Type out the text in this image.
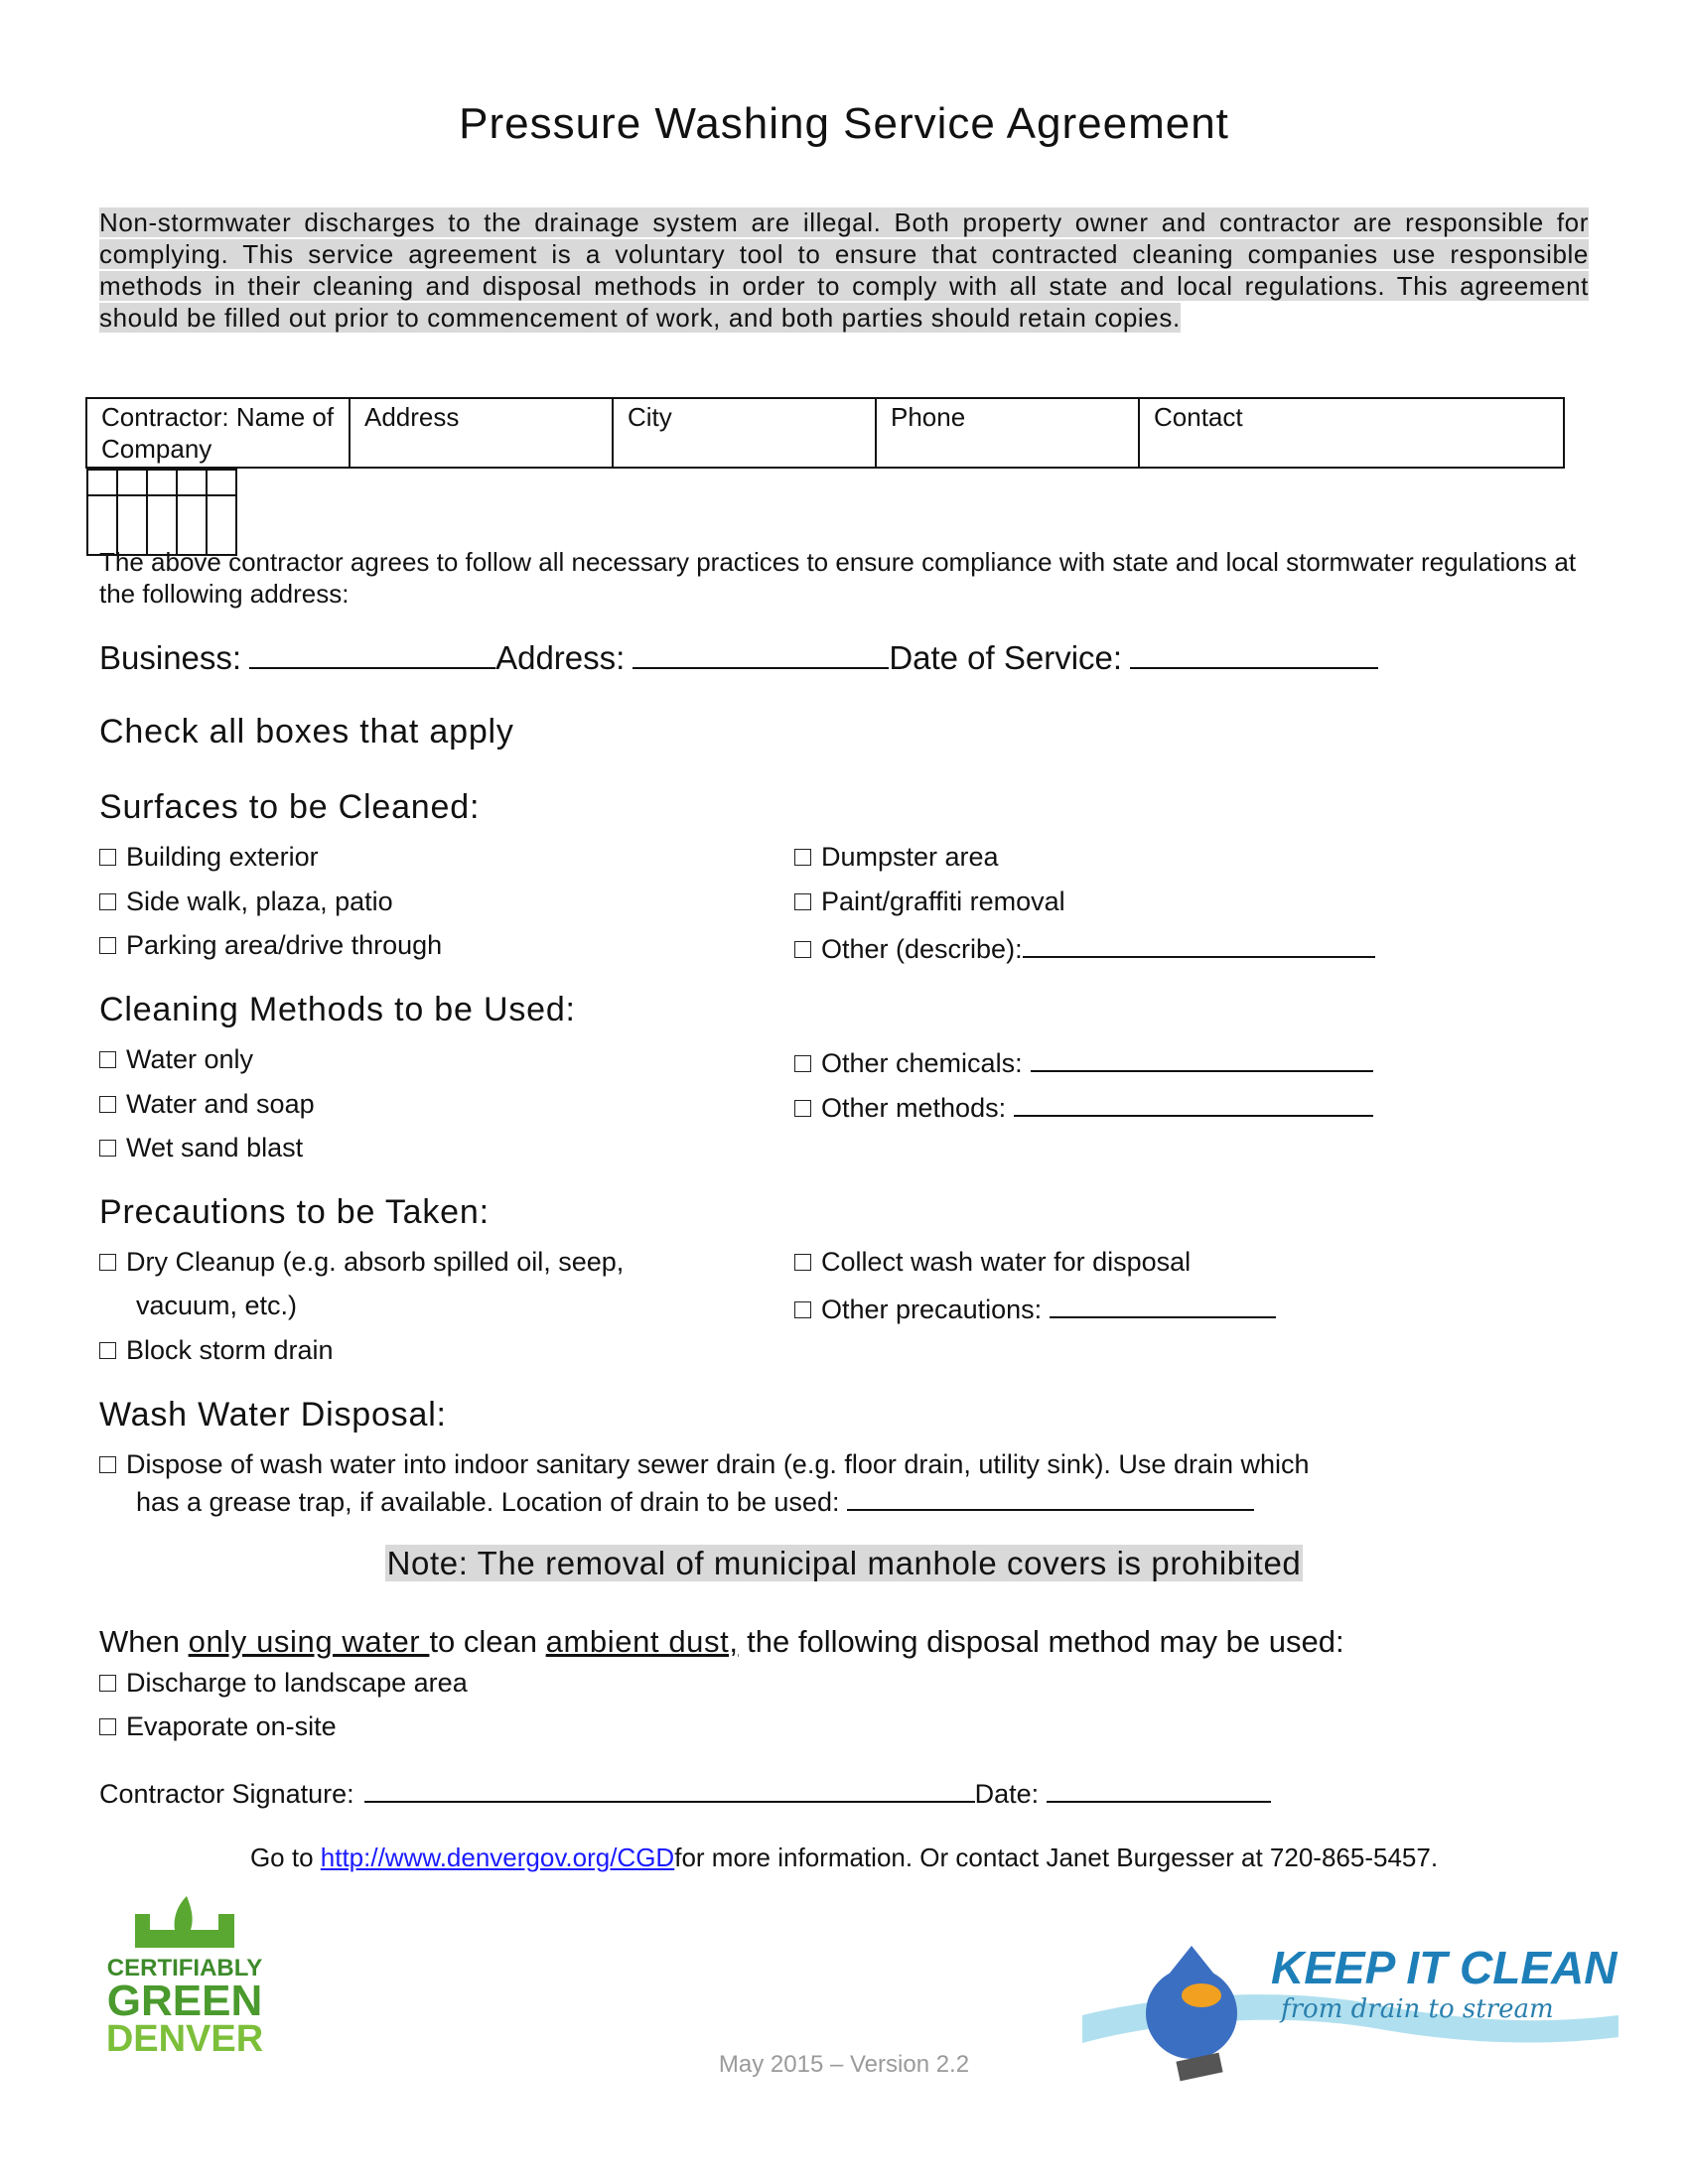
Pressure Washing Service Agreement
Non-stormwater discharges to the drainage system are illegal. Both property owner and contractor are responsible for complying. This service agreement is a voluntary tool to ensure that contracted cleaning companies use responsible methods in their cleaning and disposal methods in order to comply with all state and local regulations. This agreement should be filled out prior to commencement of work, and both parties should retain copies.
Contractor: Name of Company	Address	City	Phone	Contact

The above contractor agrees to follow all necessary practices to ensure compliance with state and local stormwater regulations at the following address:
Business:	Address:	Date of Service:
Check all boxes that apply
Surfaces to be Cleaned:
Building exterior
Side walk, plaza, patio
Parking area/drive through
Dumpster area
Paint/graffiti removal
Other (describe):
Cleaning Methods to be Used:
Water only
Water and soap
Wet sand blast
Other chemicals:
Other methods:
Precautions to be Taken:
Dry Cleanup (e.g. absorb spilled oil, seep,
vacuum, etc.)
Block storm drain
Collect wash water for disposal
Other precautions:
Wash Water Disposal:
Dispose of wash water into indoor sanitary sewer drain (e.g. floor drain, utility sink). Use drain which
has a grease trap, if available. Location of drain to be used:
Note: The removal of municipal manhole covers is prohibited
When only using water to clean ambient dust, the following disposal method may be used:
Discharge to landscape area
Evaporate on-site
Contractor Signature:	Date:
Go to http://www.denvergov.org/CGDfor more information. Or contact Janet Burgesser at 720-865-5457.
CERTIFIABLY
GREEN
DENVER
KEEP IT CLEAN
from drain to stream
May 2015 – Version 2.2
